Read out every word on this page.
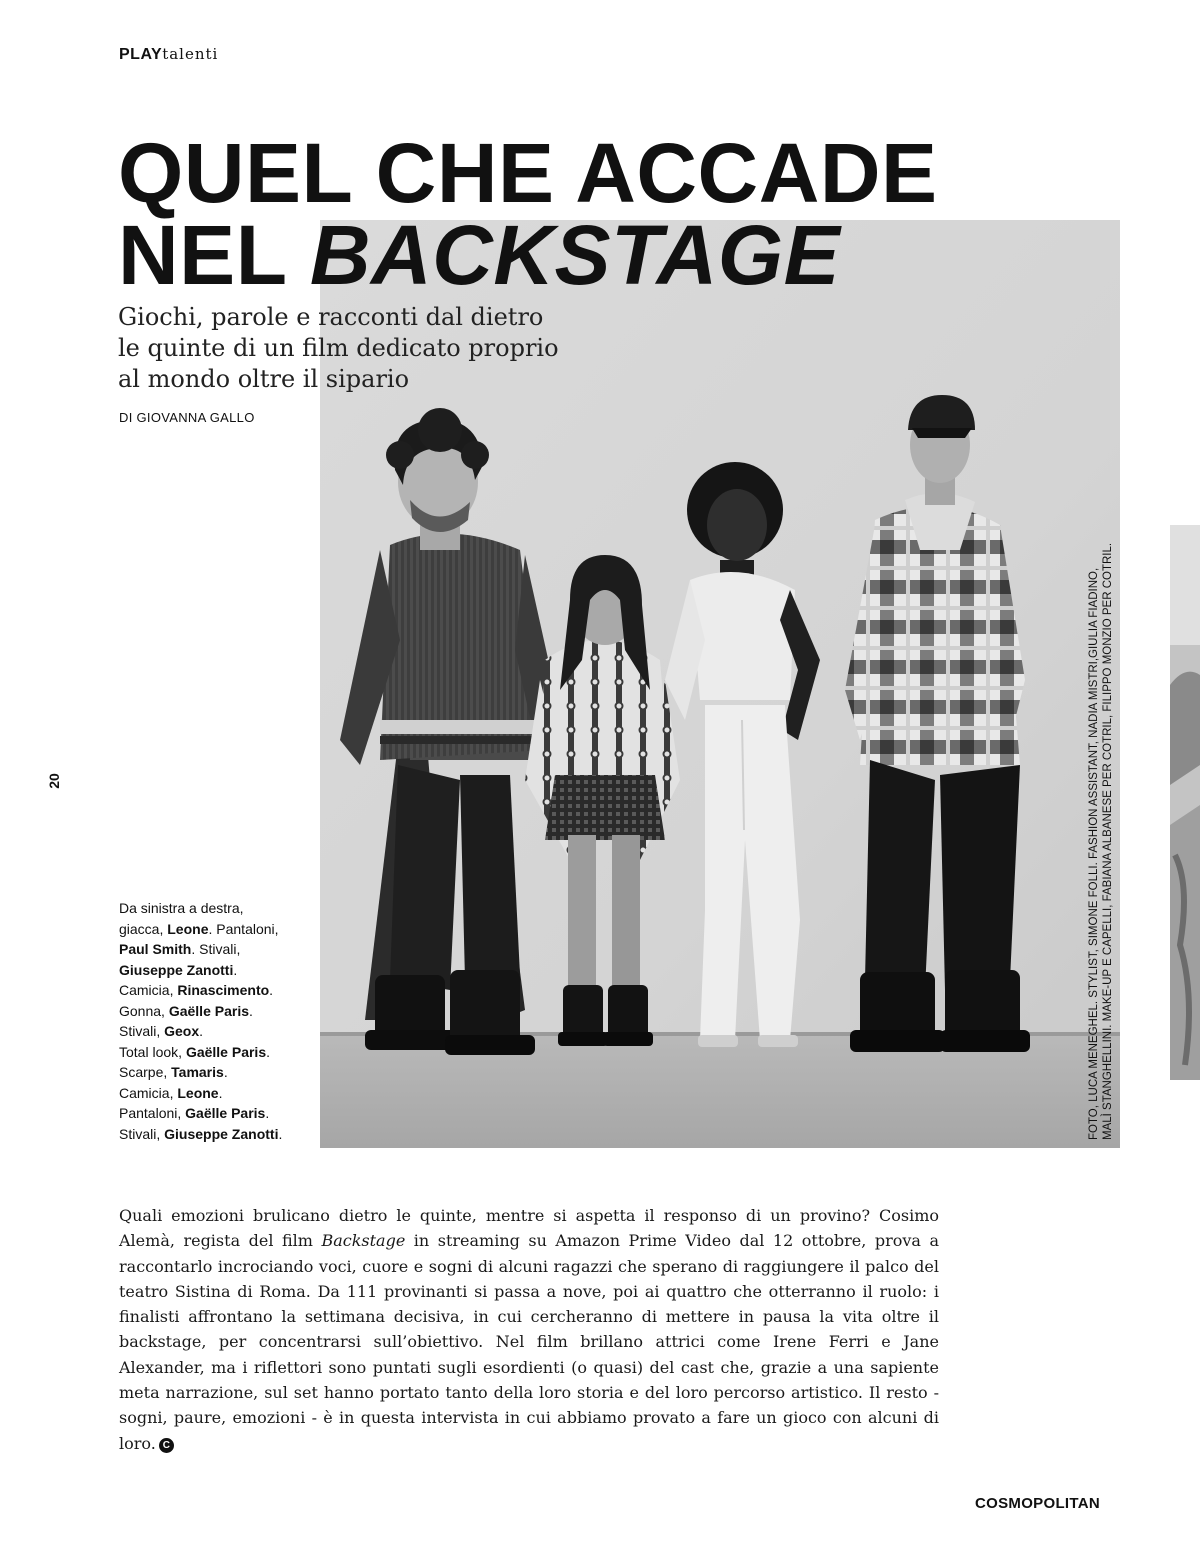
PLAYtalenti
QUEL CHE ACCADE
NEL BACKSTAGE

Giochi, parole e racconti dal dietro
le quinte di un film dedicato proprio
al mondo oltre il sipario

DI GIOVANNA GALLO
20
Da sinistra a destra,
giacca, Leone. Pantaloni,
Paul Smith. Stivali,
Giuseppe Zanotti.
Camicia, Rinascimento.
Gonna, Gaëlle Paris.
Stivali, Geox.
Total look, Gaëlle Paris.
Scarpe, Tamaris.
Camicia, Leone.
Pantaloni, Gaëlle Paris.
Stivali, Giuseppe Zanotti.

Quali emozioni brulicano dietro le quinte, mentre si aspetta il responso di un provino? Cosimo Alemà, regista del film Backstage in streaming su Amazon Prime Video dal 12 ottobre, prova a raccontarlo incrociando voci, cuore e sogni di alcuni ragazzi che sperano di raggiungere il palco del teatro Sistina di Roma. Da 111 provinanti si passa a nove, poi ai quattro che otterranno il ruolo: i finalisti affrontano la settimana decisiva, in cui cercheranno di mettere in pausa la vita oltre il backstage, per concentrarsi sull’obiettivo. Nel film brillano attrici come Irene Ferri e Jane Alexander, ma i riflettori sono puntati sugli esordienti (o quasi) del cast che, grazie a una sapiente meta narrazione, sul set hanno portato tanto della loro storia e del loro percorso artistico. Il resto - sogni, paure, emozioni - è in questa intervista in cui abbiamo provato a fare un gioco con alcuni di loro. C

FOTO, LUCA MENEGHEL. STYLIST, SIMONE FOLLI. FASHION ASSISTANT, NADIA MISTRI,GIULIA FIADINO, MALÌ STANGHELLINI. MAKE-UP E CAPELLI, FABIANA ALBANESE PER COTRIL, FILIPPO MONZIO PER COTRIL.
COSMOPOLITAN
